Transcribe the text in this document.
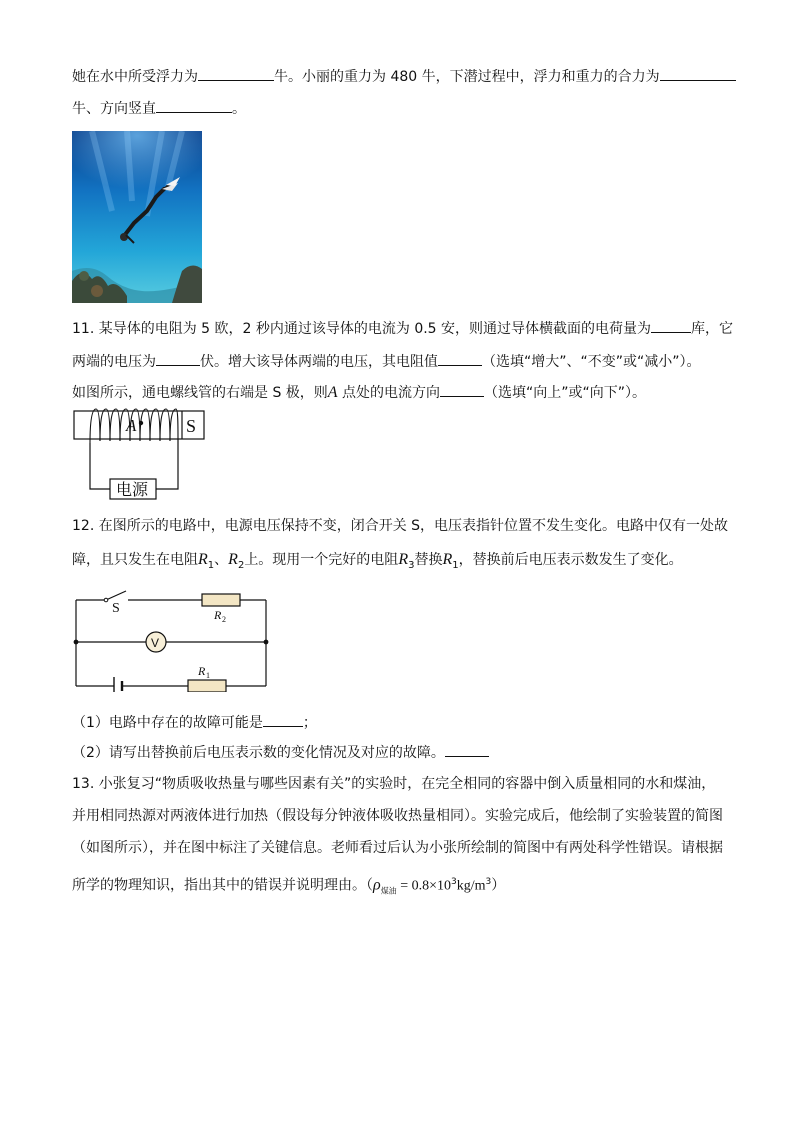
她在水中所受浮力为	牛。小丽的重力为 480 牛，下潜过程中，浮力和重力的合力为
牛、方向竖直	。
11. 某导体的电阻为 5 欧，2 秒内通过该导体的电流为 0.5 安，则通过导体横截面的电荷量为	库，它
两端的电压为	伏。增大该导体两端的电压，其电阻值	（选填“增大”、“不变”或“减小”）。
如图所示，通电螺线管的右端是 S 极，则A 点处的电流方向	（选填“向上”或“向下”）。
A	S
电源
12. 在图所示的电路中，电源电压保持不变，闭合开关 S，电压表指针位置不发生变化。电路中仅有一处故
障，且只发生在电阻$R_1$、$R_2$上。现用一个完好的电阻$R_3$替换$R_1$，替换前后电压表示数发生了变化。
S	R 2
V
R 1
（1）电路中存在的故障可能是	；
（2）请写出替换前后电压表示数的变化情况及对应的故障。
13. 小张复习“物质吸收热量与哪些因素有关”的实验时，在完全相同的容器中倒入质量相同的水和煤油，
并用相同热源对两液体进行加热（假设每分钟液体吸收热量相同）。实验完成后，他绘制了实验装置的简图
（如图所示），并在图中标注了关键信息。老师看过后认为小张所绘制的简图中有两处科学性错误。请根据
所学的物理知识，指出其中的错误并说明理由。$(\rho_{煤油} = 0.8\times 10^3kg/m^3)$
